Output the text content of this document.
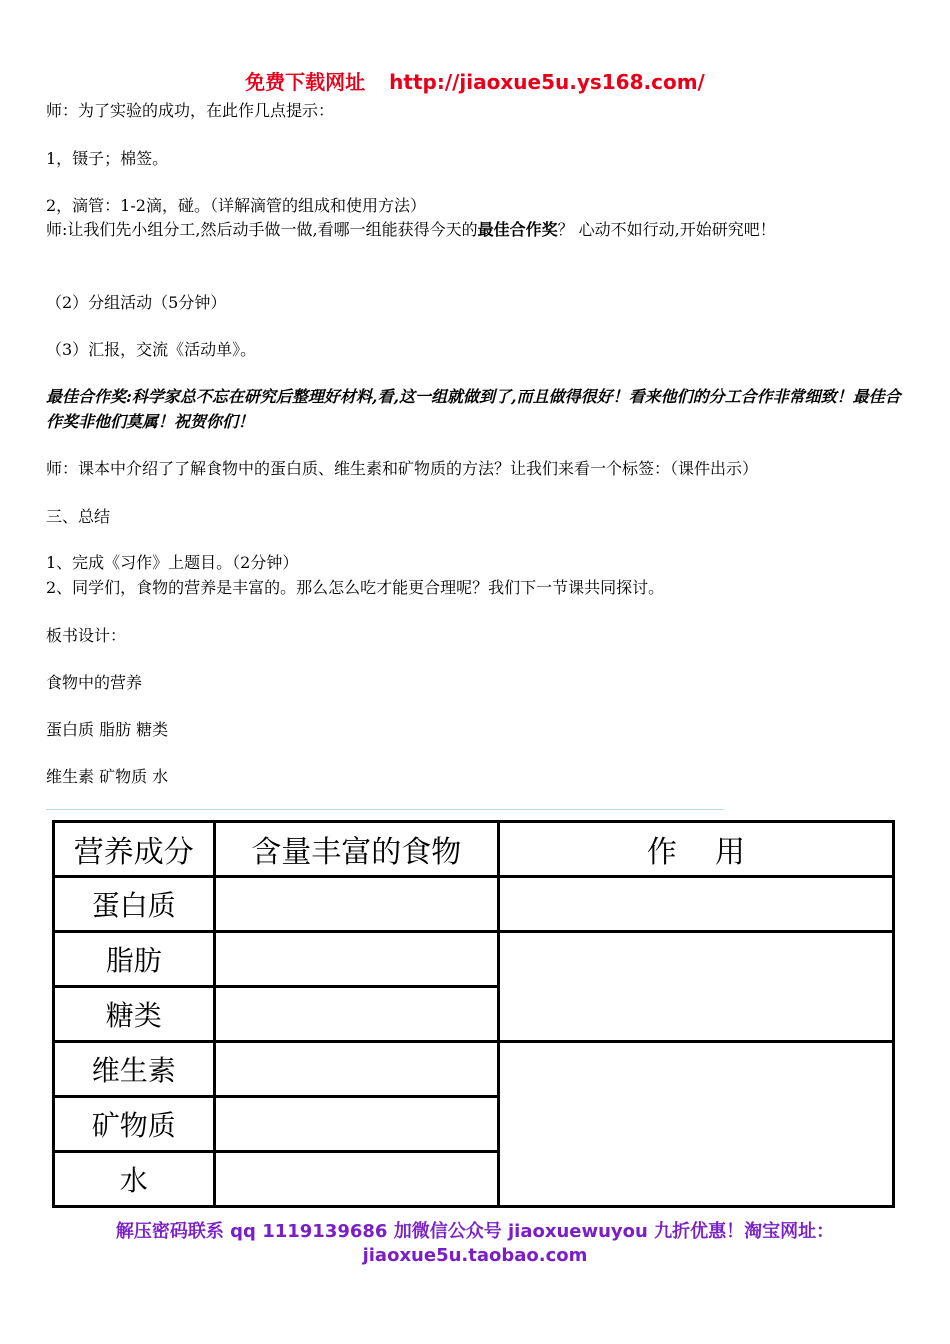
免费下载网址 http://jiaoxue5u.ys168.com/
师：为了实验的成功，在此作几点提示：
1，镊子；棉签。
2，滴管：1-2滴，碰。（详解滴管的组成和使用方法）
师:让我们先小组分工,然后动手做一做,看哪一组能获得今天的最佳合作奖？ 心动不如行动,开始研究吧！
（2）分组活动（5分钟）
（3）汇报，交流《活动单》。
最佳合作奖:科学家总不忘在研究后整理好材料,看,这一组就做到了,而且做得很好！看来他们的分工合作非常细致！最佳合作奖非他们莫属！祝贺你们！
师：课本中介绍了了解食物中的蛋白质、维生素和矿物质的方法？让我们来看一个标签：（课件出示）
三、总结
1、完成《习作》上题目。（2分钟）
2、同学们，食物的营养是丰富的。那么怎么吃才能更合理呢？我们下一节课共同探讨。
板书设计：
食物中的营养
蛋白质 脂肪 糖类
维生素 矿物质 水
营养成分	含量丰富的食物	作    用
蛋白质		
脂肪		
糖类		
维生素		
矿物质		
水		
解压密码联系 qq 1119139686 加微信公众号 jiaoxuewuyou 九折优惠！淘宝网址：
jiaoxue5u.taobao.com
